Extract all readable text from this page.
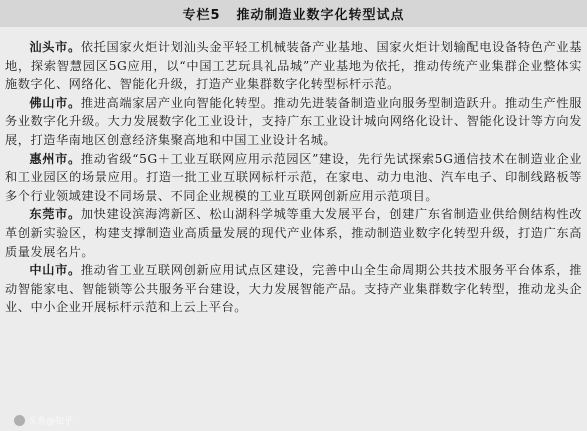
专栏5 推动制造业数字化转型试点

汕头市。依托国家火炬计划汕头金平轻工机械装备产业基地、国家火炬计划输配电设备特色产业基地，探索智慧园区5G应用，以“中国工艺玩具礼品城”产业基地为依托，推动传统产业集群企业整体实施数字化、网络化、智能化升级，打造产业集群数字化转型标杆示范。

佛山市。推进高端家居产业向智能化转型。推动先进装备制造业向服务型制造跃升。推动生产性服务业数字化升级。大力发展数字化工业设计，支持广东工业设计城向网络化设计、智能化设计等方向发展，打造华南地区创意经济集聚高地和中国工业设计名城。

惠州市。推动省级“5G＋工业互联网应用示范园区”建设，先行先试探索5G通信技术在制造业企业和工业园区的场景应用。打造一批工业互联网标杆示范，在家电、动力电池、汽车电子、印制线路板等多个行业领域建设不同场景、不同企业规模的工业互联网创新应用示范项目。

东莞市。加快建设滨海湾新区、松山湖科学城等重大发展平台，创建广东省制造业供给侧结构性改革创新实验区，构建支撑制造业高质量发展的现代产业体系，推动制造业数字化转型升级，打造广东高质量发展名片。

中山市。推动省工业互联网创新应用试点区建设，完善中山全生命周期公共技术服务平台体系，推动智能家电、智能锁等公共服务平台建设，大力发展智能产品。支持产业集群数字化转型，推动龙头企业、中小企业开展标杆示范和上云上平台。

头条@知乎
